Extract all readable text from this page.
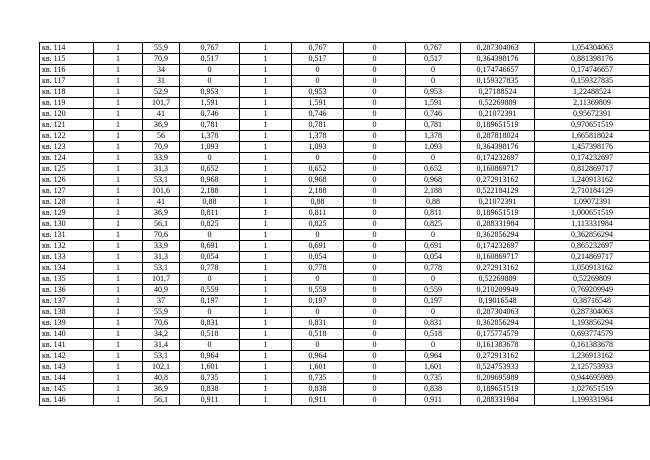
кв. 114	1	55,9	0,767	1	0,767	0	0,767	0,287304063	1,054304063
кв. 115	1	70,9	0,517	1	0,517	0	0,517	0,364398176	0,881398176
кв. 116	1	34	0	1	0	0	0	0,174746657	0,174746657
кв. 117	1	31	0	1	0	0	0	0,159327835	0,159327835
кв. 118	1	52,9	0,953	1	0,953	0	0,953	0,27188524	1,22488524
кв. 119	1	101,7	1,591	1	1,591	0	1,591	0,52269809	2,11369809
кв. 120	1	41	0,746	1	0,746	0	0,746	0,21072391	0,95672391
кв. 121	1	36,9	0,781	1	0,781	0	0,781	0,189651519	0,970651519
кв. 122	1	56	1,378	1	1,378	0	1,378	0,287818024	1,665818024
кв. 123	1	70,9	1,093	1	1,093	0	1,093	0,364398176	1,457398176
кв. 124	1	33,9	0	1	0	0	0	0,174232697	0,174232697
кв. 125	1	31,3	0,652	1	0,652	0	0,652	0,160869717	0,812869717
кв. 126	1	53,1	0,968	1	0,968	0	0,968	0,272913162	1,240913162
кв. 127	1	101,6	2,188	1	2,188	0	2,188	0,522184129	2,710184129
кв. 128	1	41	0,88	1	0,88	0	0,88	0,21072391	1,09072391
кв. 129	1	36,9	0,811	1	0,811	0	0,811	0,189651519	1,000651519
кв. 130	1	56,1	0,825	1	0,825	0	0,825	0,288331984	1,113331984
кв. 131	1	70,6	0	1	0	0	0	0,362856294	0,362856294
кв. 132	1	33,9	0,691	1	0,691	0	0,691	0,174232697	0,865232697
кв. 133	1	31,3	0,054	1	0,054	0	0,054	0,160869717	0,214869717
кв. 134	1	53,1	0,778	1	0,778	0	0,778	0,272913162	1,050913162
кв. 135	1	101,7	0	1	0	0	0	0,52269809	0,52269809
кв. 136	1	40,9	0,559	1	0,559	0	0,559	0,210209949	0,769209949
кв. 137	1	37	0,197	1	0,197	0	0,197	0,19016548	0,38716548
кв. 138	1	55,9	0	1	0	0	0	0,287304063	0,287304063
кв. 139	1	70,6	0,831	1	0,831	0	0,831	0,362856294	1,193856294
кв. 140	1	34,2	0,518	1	0,518	0	0,518	0,175774579	0,693774579
кв. 141	1	31,4	0	1	0	0	0	0,161383678	0,161383678
кв. 142	1	53,1	0,964	1	0,964	0	0,964	0,272913162	1,236913162
кв. 143	1	102,1	1,601	1	1,601	0	1,601	0,524753933	2,125753933
кв. 144	1	40,8	0,735	1	0,735	0	0,735	0,209695989	0,944695989
кв. 145	1	36,9	0,838	1	0,838	0	0,838	0,189651519	1,027651519
кв. 146	1	56,1	0,911	1	0,911	0	0,911	0,288331984	1,199331984
